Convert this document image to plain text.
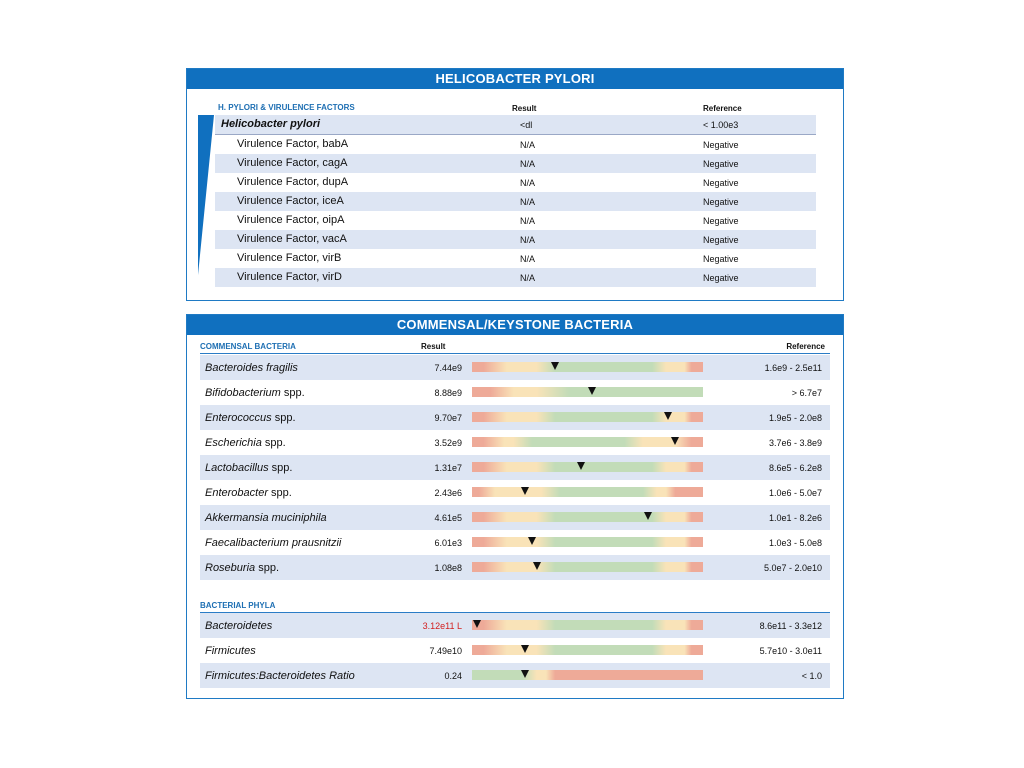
HELICOBACTER PYLORI
H. PYLORI & VIRULENCE FACTORS	Result	Reference
Helicobacter pylori	<dl	< 1.00e3
Virulence Factor, babA	N/A	Negative
Virulence Factor, cagA	N/A	Negative
Virulence Factor, dupA	N/A	Negative
Virulence Factor, iceA	N/A	Negative
Virulence Factor, oipA	N/A	Negative
Virulence Factor, vacA	N/A	Negative
Virulence Factor, virB	N/A	Negative
Virulence Factor, virD	N/A	Negative
COMMENSAL/KEYSTONE BACTERIA
COMMENSAL BACTERIA	Result	Reference
Bacteroides fragilis	7.44e9	1.6e9 - 2.5e11
Bifidobacterium spp.	8.88e9	> 6.7e7
Enterococcus spp.	9.70e7	1.9e5 - 2.0e8
Escherichia spp.	3.52e9	3.7e6 - 3.8e9
Lactobacillus spp.	1.31e7	8.6e5 - 6.2e8
Enterobacter spp.	2.43e6	1.0e6 - 5.0e7
Akkermansia muciniphila	4.61e5	1.0e1 - 8.2e6
Faecalibacterium prausnitzii	6.01e3	1.0e3 - 5.0e8
Roseburia spp.	1.08e8	5.0e7 - 2.0e10
BACTERIAL PHYLA
Bacteroidetes	3.12e11 L	8.6e11 - 3.3e12
Firmicutes	7.49e10	5.7e10 - 3.0e11
Firmicutes:Bacteroidetes Ratio	0.24	< 1.0
